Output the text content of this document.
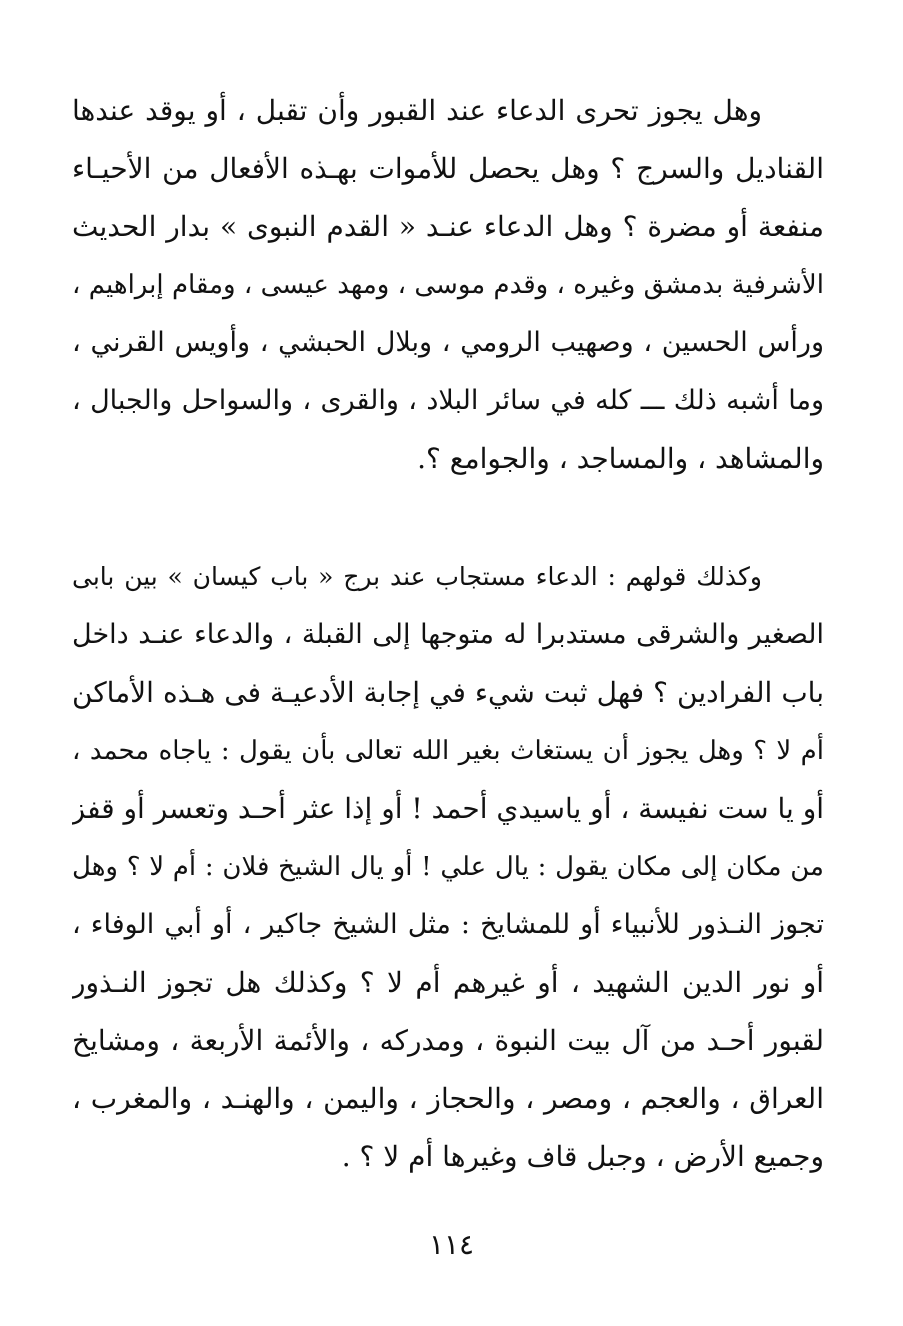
وهل يجوز تحرى الدعاء عند القبور وأن تقبل ، أو يوقد عندها
القناديل والسرج ؟ وهل يحصل للأموات بهـذه الأفعال من الأحيـاء
منفعة أو مضرة ؟ وهل الدعاء عنـد « القدم النبوى » بدار الحديث
الأشرفية بدمشق وغيره ، وقدم موسى ، ومهد عيسى ، ومقام إبراهيم ،
ورأس الحسين ، وصهيب الرومي ، وبلال الحبشي ، وأويس القرني ،
وما أشبه ذلك ـــ كله في سائر البلاد ، والقرى ، والسواحل والجبال ،
والمشاهد ، والمساجد ، والجوامع ؟.
وكذلك قولهم : الدعاء مستجاب عند برج « باب كيسان » بين بابى
الصغير والشرقى مستدبرا له متوجها إلى القبلة ، والدعاء عنـد داخل
باب الفرادين ؟ فهل ثبت شيء في إجابة الأدعيـة فى هـذه الأماكن
أم لا ؟ وهل يجوز أن يستغاث بغير الله تعالى بأن يقول : ياجاه محمد ،
أو يا ست نفيسة ، أو ياسيدي أحمد ! أو إذا عثر أحـد وتعسر أو قفز
من مكان إلى مكان يقول : يال علي ! أو يال الشيخ فلان : أم لا ؟ وهل
تجوز النـذور للأنبياء أو للمشايخ : مثل الشيخ جاكير ، أو أبي الوفاء ،
أو نور الدين الشهيد ، أو غيرهم أم لا ؟ وكذلك هل تجوز النـذور
لقبور أحـد من آل بيت النبوة ، ومدركه ، والأئمة الأربعة ، ومشايخ
العراق ، والعجم ، ومصر ، والحجاز ، واليمن ، والهنـد ، والمغرب ،
وجميع الأرض ، وجبل قاف وغيرها أم لا ؟ .
١١٤
